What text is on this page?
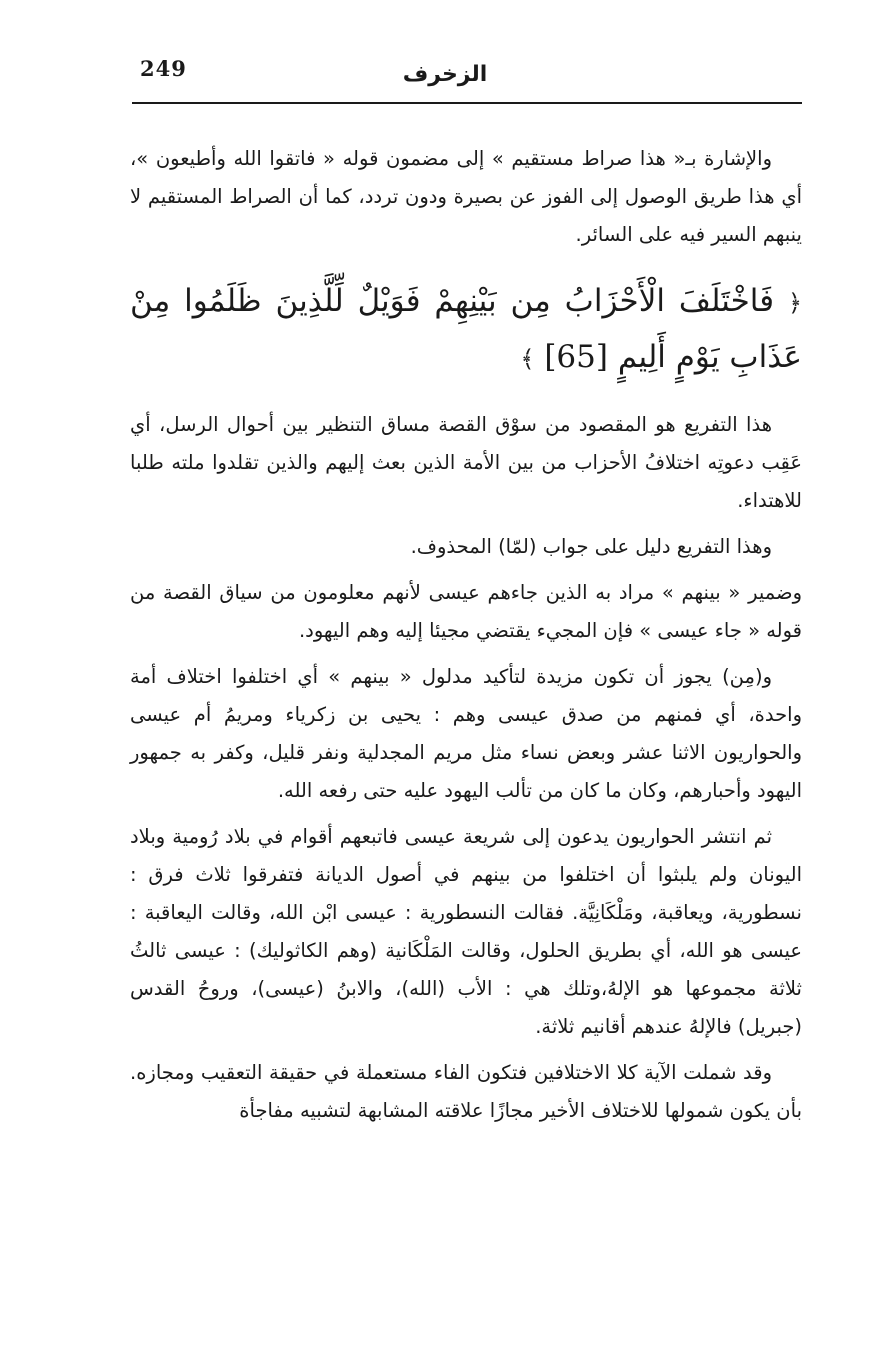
249	الزخرف

والإشارة بـ« هذا صراط مستقيم » إلى مضمون قوله « فاتقوا الله وأطيعون »، أي هذا طريق الوصول إلى الفوز عن بصيرة ودون تردد، كما أن الصراط المستقيم لا ينبهم السير فيه على السائر.

﴿ فَاخْتَلَفَ الْأَحْزَابُ مِن بَيْنِهِمْ فَوَيْلٌ لِّلَّذِينَ ظَلَمُوا مِنْ عَذَابِ يَوْمٍ أَلِيمٍ [65] ﴾

هذا التفريع هو المقصود من سوْق القصة مساق التنظير بين أحوال الرسل، أي عَقِب دعوتِه اختلافُ الأحزاب من بين الأمة الذين بعث إليهم والذين تقلدوا ملته طلبا للاهتداء.

وهذا التفريع دليل على جواب (لمّا) المحذوف.

وضمير « بينهم » مراد به الذين جاءهم عيسى لأنهم معلومون من سياق القصة من قوله « جاء عيسى » فإن المجيء يقتضي مجيئا إليه وهم اليهود.

و(مِن) يجوز أن تكون مزيدة لتأكيد مدلول « بينهم » أي اختلفوا اختلاف أمة واحدة، أي فمنهم من صدق عيسى وهم : يحيى بن زكرياء ومريمُ أم عيسى والحواريون الاثنا عشر وبعض نساء مثل مريم المجدلية ونفر قليل، وكفر به جمهور اليهود وأحبارهم، وكان ما كان من تألب اليهود عليه حتى رفعه الله.

ثم انتشر الحواريون يدعون إلى شريعة عيسى فاتبعهم أقوام في بلاد رُومية وبلاد اليونان ولم يلبثوا أن اختلفوا من بينهم في أصول الديانة فتفرقوا ثلاث فرق : نسطورية، ويعاقبة، ومَلْكَانِيَّة. فقالت النسطورية : عيسى ابْن الله، وقالت اليعاقبة : عيسى هو الله، أي بطريق الحلول، وقالت المَلْكَانية (وهم الكاثوليك) : عيسى ثالثُ ثلاثة مجموعها هو الإلهُ،وتلك هي : الأب (الله)، والابنُ (عيسى)، وروحُ القدس (جبريل) فالإلهُ عندهم أقانيم ثلاثة.

وقد شملت الآية كلا الاختلافين فتكون الفاء مستعملة في حقيقة التعقيب ومجازه. بأن يكون شمولها للاختلاف الأخير مجازًا علاقته المشابهة لتشبيه مفاجأة
